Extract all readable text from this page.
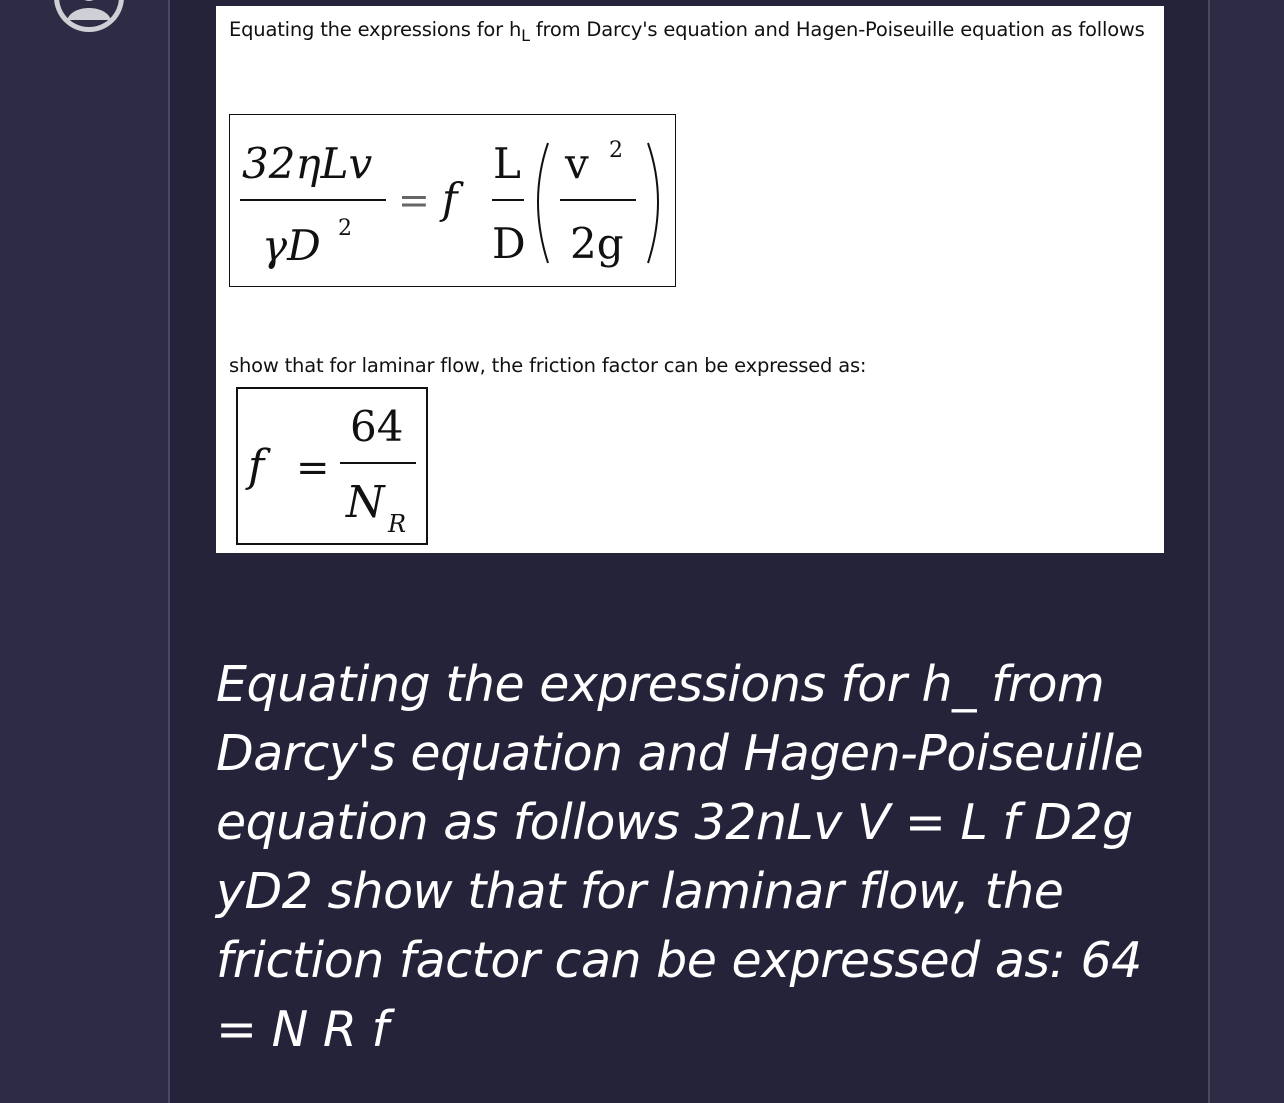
Equating the expressions for $h_L$ from Darcy's equation and Hagen-Poiseuille equation as follows
32ηLv
γD 2
= f
L
D
v 2
2g
show that for laminar flow, the friction factor can be expressed as:
f =
64
N R
Equating the expressions for h_ from Darcy's equation and Hagen-Poiseuille equation as follows 32nLv V = L f D2g yD2 show that for laminar flow, the friction factor can be expressed as: 64 = N R f
